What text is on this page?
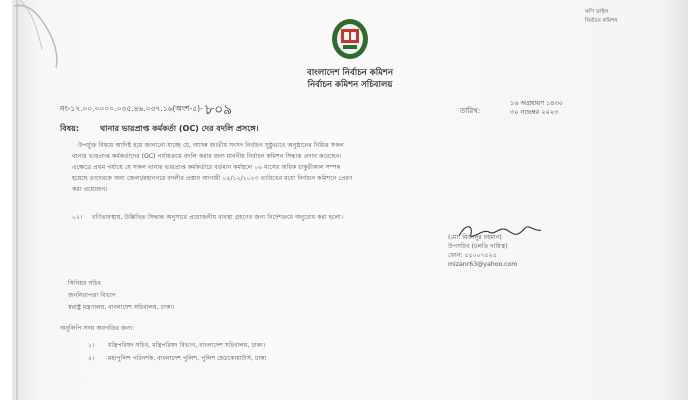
কপি ফাইল
নির্বাচন কমিশন
বাংলাদেশ নির্বাচন কমিশন
নির্বাচন কমিশন সচিবালয়
নং-১৭.০০.০০০০.০৩৫.৪৬.০৩৭.১৬(অংশ-৫)- ৮০৯	তারিখ:
১৬ অগ্রহায়ণ ১৪৩০
৩০ নভেম্বর ২০২৩
বিষয়:	থানার ভারপ্রাপ্ত কর্মকর্তা (OC) দের বদলি প্রসঙ্গে।
উপর্যুক্ত বিষয়ে আদিষ্ট হয়ে জানানো যাচ্ছে যে, আসন্ন জাতীয় সংসদ নির্বাচন সুষ্ঠুভাবে অনুষ্ঠানের নিমিত্ত সকল
থানার ভারপ্রাপ্ত কর্মকর্তাদের (OC) পর্যায়ক্রমে বদলি করার জন্য মাননীয় নির্বাচন কমিশন সিদ্ধান্ত প্রদান করেছেন।
এক্ষেত্রে প্রথম পর্যায়ে যে সকল থানার ভারপ্রাপ্ত কর্মকর্তারে বর্তমান কর্মস্থলে ০৬ মাসের অধিক চাকুরীকাল সম্পন্ন
হয়েছে তাদেরকে অন্য জেলা/মহানগরে বদলীর প্রস্তাব আগামী ০৫/১২/২০২৩ তারিখের মধ্যে নির্বাচন কমিশনে প্রেরণ
করা প্রয়োজন।
০২। বর্ণিতাবস্থায়, উল্লিখিত সিদ্ধান্ত অনুসারে প্রয়োজনীয় ব্যবস্থা গ্রহণের জন্য নির্দেশক্রমে অনুরোধ করা হলো।
(মো: মিজানুর রহমান)
উপসচিব (চলতি দায়িত্ব)
ফোন: ৫৫০০৭৫২৫
mizanr63@yahoo.com
সিনিয়র সচিব
জননিরাপত্তা বিভাগ
স্বরাষ্ট্র মন্ত্রণালয়, বাংলাদেশ সচিবালয়, ঢাকা।
অনুলিপি সদয় অবগতির জন্য:
১। মন্ত্রিপরিষদ সচিব, মন্ত্রিপরিষদ বিভাগ, বাংলাদেশ সচিবালয়, ঢাকা।
২। মহাপুলিশ পরিদর্শক, বাংলাদেশ পুলিশ, পুলিশ হেডকোয়ার্টার্স, ঢাকা
